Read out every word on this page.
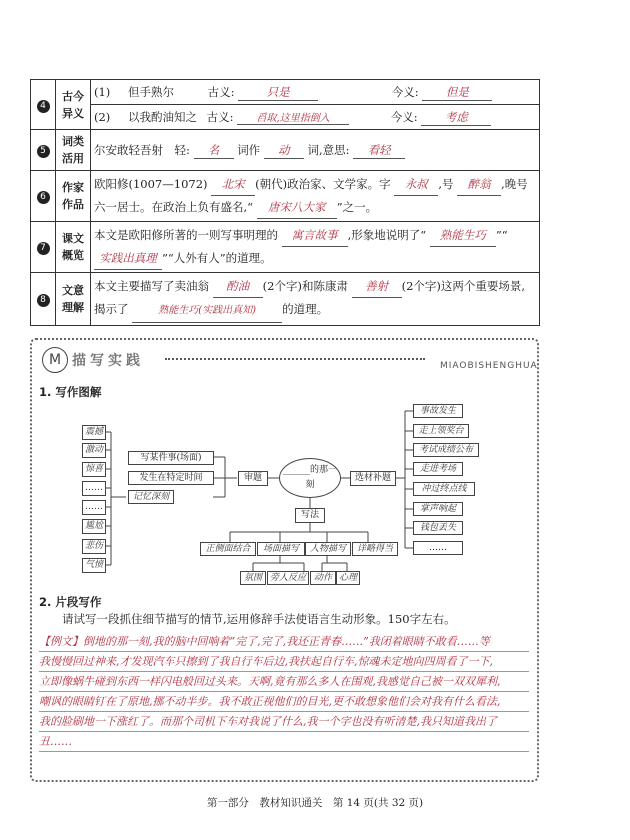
4	古今异义	(1) 但手熟尔 古义: 只是 今义: 但是
		(2) 以我酌油知之 古义: 舀取,这里指倒入 今义: 考虑
5	词类活用	尔安敢轻吾射　轻: 名 词作 动 词,意思: 看轻
6	作家作品	欧阳修(1007—1072) 北宋 (朝代)政治家、文学家。字 永叔 ,号 醉翁 ,晚号六一居士。在政治上负有盛名,“ 唐宋八大家 ”之一。
7	课文概览	本文是欧阳修所著的一则写事明理的 寓言故事 ,形象地说明了“ 熟能生巧 ”“ 实践出真理 ”“人外有人”的道理。
8	文意理解	本文主要描写了卖油翁 酌油 (2个字)和陈康肃 善射 (2个字)这两个重要场景,揭示了 熟能生巧(实践出真知) 的道理。
M 描写实践	MIAOBISHENGHUA
1. 写作图解
震撼
激动
惊喜
……
……
尴尬
悲伤
气愤
写某件事(场面)
发生在特定时间
记忆深刻
审题
______的那一刻
选材补题
事故发生
走上领奖台
考试成绩公布
走进考场
冲过终点线
掌声响起
钱包丢失
……
写法
正侧面结合	场面描写	人物描写	详略得当
氛围 旁人反应 动作 心理
2. 片段写作
请试写一段抓住细节描写的情节,运用修辞手法使语言生动形象。150字左右。
【例文】倒地的那一刻,我的脑中回响着“完了,完了,我还正青春……”我闭着眼睛不敢看……等
我慢慢回过神来,才发现汽车只擦到了我自行车后边,我扶起自行车,惊魂未定地向四周看了一下,
立即像蜗牛碰到东西一样闪电般回过头来。天啊,竟有那么多人在围观,我感觉自己被一双双犀利,
嘲讽的眼睛钉在了原地,挪不动半步。我不敢正视他们的目光,更不敢想象他们会对我有什么看法,
我的脸刷地一下涨红了。而那个司机下车对我说了什么,我一个字也没有听清楚,我只知道我出了
丑……
第一部分　教材知识通关　第 14 页(共 32 页)
